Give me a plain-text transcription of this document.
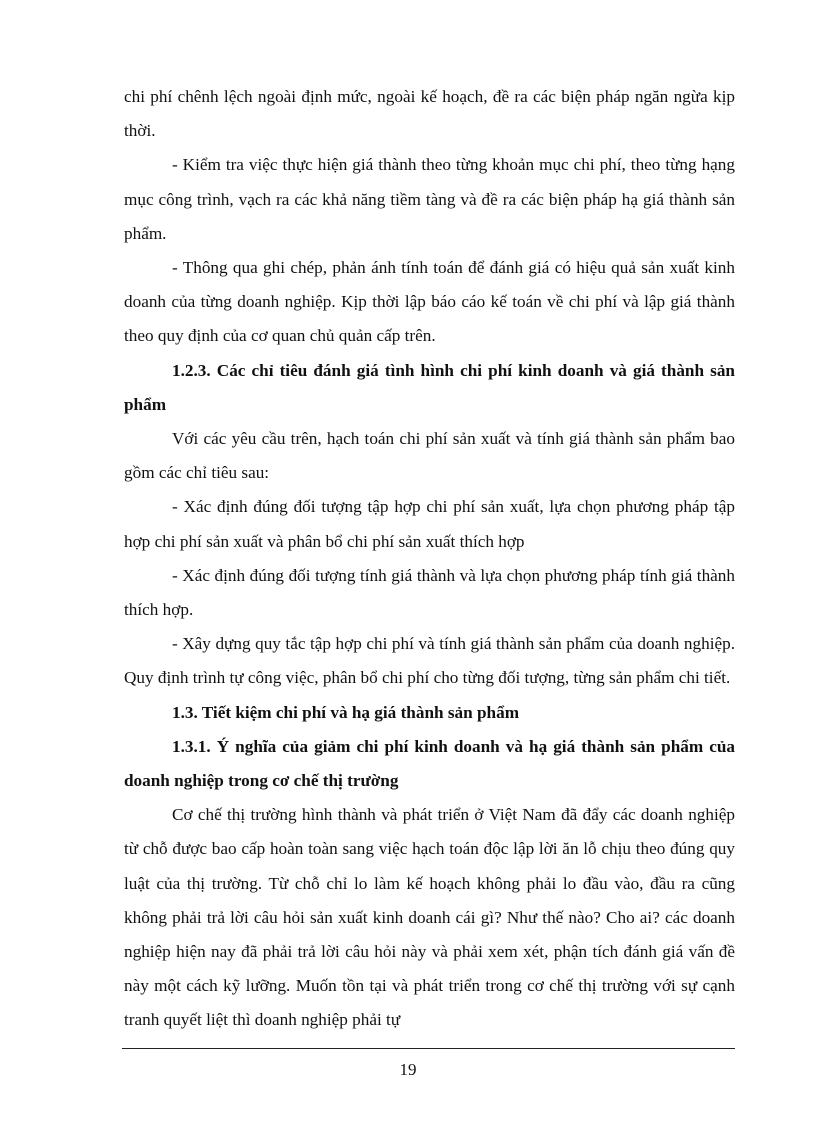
chi phí chênh lệch ngoài định mức, ngoài kế hoạch, đề ra các biện pháp ngăn ngừa kịp thời.

- Kiểm tra việc thực hiện giá thành theo từng khoản mục chi phí, theo từng hạng mục công trình, vạch ra các khả năng tiềm tàng và đề ra các biện pháp hạ giá thành sản phẩm.

- Thông qua ghi chép, phản ánh tính toán để đánh giá có hiệu quả sản xuất kinh doanh của từng doanh nghiệp. Kịp thời lập báo cáo kế toán về chi phí và lập giá thành theo quy định của cơ quan chủ quản cấp trên.

1.2.3. Các chỉ tiêu đánh giá tình hình chi phí kinh doanh và giá thành sản phẩm

Với các yêu cầu trên, hạch toán chi phí sản xuất và tính giá thành sản phẩm bao gồm các chỉ tiêu sau:

- Xác định đúng đối tượng tập hợp chi phí sản xuất, lựa chọn phương pháp tập hợp chi phí sản xuất và phân bổ chi phí sản xuất thích hợp

- Xác định đúng đối tượng tính giá thành và lựa chọn phương pháp tính giá thành thích hợp.

- Xây dựng quy tắc tập hợp chi phí và tính giá thành sản phẩm của doanh nghiệp. Quy định trình tự công việc, phân bổ chi phí cho từng đối tượng, từng sản phẩm chi tiết.

1.3. Tiết kiệm chi phí và hạ giá thành sản phẩm

1.3.1. Ý nghĩa của giảm chi phí kinh doanh và hạ giá thành sản phẩm của doanh nghiệp trong cơ chế thị trường

Cơ chế thị trường hình thành và phát triển ở Việt Nam đã đẩy các doanh nghiệp từ chỗ được bao cấp hoàn toàn sang việc hạch toán độc lập lời ăn lỗ chịu theo đúng quy luật của thị trường. Từ chỗ chỉ lo làm kế hoạch không phải lo đầu vào, đầu ra cũng không phải trả lời câu hỏi sản xuất kinh doanh cái gì? Như thế nào? Cho ai? các doanh nghiệp hiện nay đã phải trả lời câu hỏi này và phải xem xét, phận tích đánh giá vấn đề này một cách kỹ lưỡng. Muốn tồn tại và phát triển trong cơ chế thị trường với sự cạnh tranh quyết liệt thì doanh nghiệp phải tự

19
